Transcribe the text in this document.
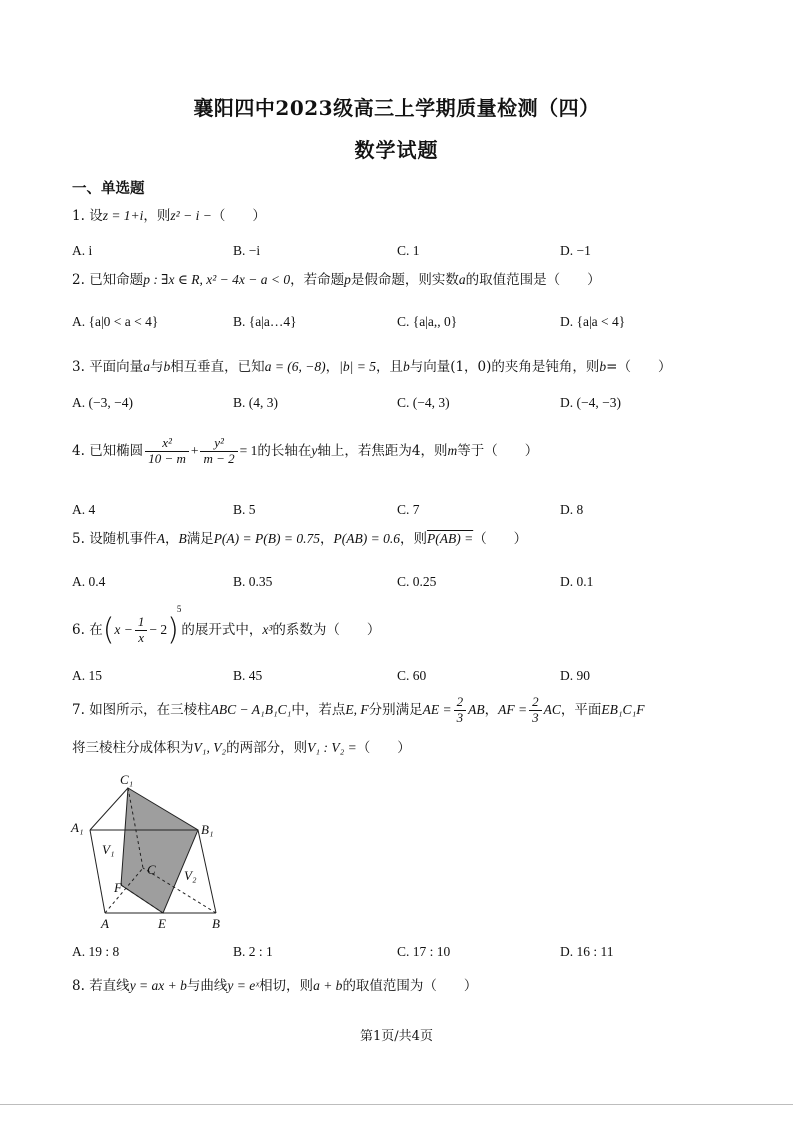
襄阳四中2023级高三上学期质量检测（四）
数学试题
一、单选题
1. 设z = 1+i，则z² − i −（　　）
A. i	B. −i	C. 1	D. −1
2. 已知命题p : ∃x ∈ R, x² − 4x − a < 0，若命题p是假命题，则实数a的取值范围是（　　）
A. {a|0 < a < 4}	B. {a|a…4}	C. {a|a,, 0}	D. {a|a < 4}
3. 平面向量a与b相互垂直，已知a = (6, −8)，|b| = 5，且b与向量(1，0)的夹角是钝角，则b=（　　）
A. (−3, −4)	B. (4, 3)	C. (−4, 3)	D. (−4, −3)
4. 已知椭圆 $\frac{\text{x²}}{10 - m} + \frac{\text{y²}}{m - 2} = 1$的长轴在y轴上，若焦距为4，则m等于（　　）
A. 4	B. 5	C. 7	D. 8
5. 设随机事件A，B满足P(A) = P(B) = 0.75，P(AB) = 0.6，则P(AB) =（　　）
A. 0.4	B. 0.35	C. 0.25	D. 0.1
6. 在$(x - \frac{1}{x} - 2)^5$的展开式中，x³的系数为（　　）
A. 15	B. 45	C. 60	D. 90
7. 如图所示，在三棱柱ABC − A₁B₁C₁中，若点E, F分别满足AE = $\frac{2}{3}$ AB，AF = $\frac{2}{3}$ AC，平面EB₁C₁F
将三棱柱分成体积为V₁, V₂的两部分，则V₁ : V₂ =（　　）
C₁
A₁	B₁
V₁
C V₂
F
A	E	B
A. 19 : 8	B. 2 : 1	C. 17 : 10	D. 16 : 11
8. 若直线y = ax + b与曲线y = eˣ相切，则a + b的取值范围为（　　）
第1页/共4页
